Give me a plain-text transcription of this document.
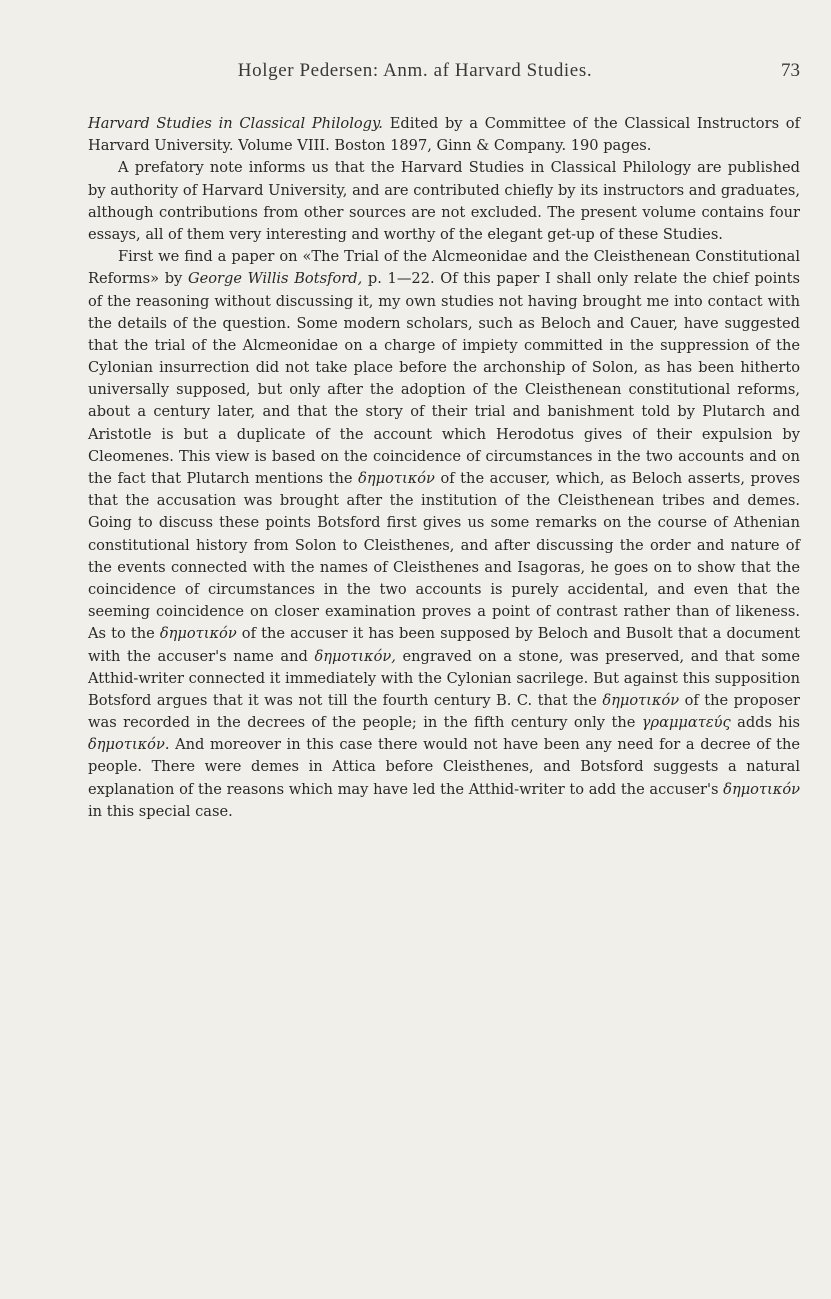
Holger Pedersen: Anm. af Harvard Studies.	73

Harvard Studies in Classical Philology. Edited by a Committee of the Classical Instructors of Harvard University. Volume VIII. Boston 1897, Ginn & Company. 190 pages.

A prefatory note informs us that the Harvard Studies in Classical Philology are published by authority of Harvard University, and are contributed chiefly by its instructors and graduates, although contributions from other sources are not excluded. The present volume contains four essays, all of them very interesting and worthy of the elegant get-up of these Studies.

First we find a paper on «The Trial of the Alcmeonidae and the Cleisthenean Constitutional Reforms» by George Willis Botsford, p. 1—22. Of this paper I shall only relate the chief points of the reasoning without discussing it, my own studies not having brought me into contact with the details of the question. Some modern scholars, such as Beloch and Cauer, have suggested that the trial of the Alcmeonidae on a charge of impiety committed in the suppression of the Cylonian insurrection did not take place before the archonship of Solon, as has been hitherto universally supposed, but only after the adoption of the Cleisthenean constitutional reforms, about a century later, and that the story of their trial and banishment told by Plutarch and Aristotle is but a duplicate of the account which Herodotus gives of their expulsion by Cleomenes. This view is based on the coincidence of circumstances in the two accounts and on the fact that Plutarch mentions the δημοτικόν of the accuser, which, as Beloch asserts, proves that the accusation was brought after the institution of the Cleisthenean tribes and demes. Going to discuss these points Botsford first gives us some remarks on the course of Athenian constitutional history from Solon to Cleisthenes, and after discussing the order and nature of the events connected with the names of Cleisthenes and Isagoras, he goes on to show that the coincidence of circumstances in the two accounts is purely accidental, and even that the seeming coincidence on closer examination proves a point of contrast rather than of likeness. As to the δημοτικόν of the accuser it has been supposed by Beloch and Busolt that a document with the accuser's name and δημοτικόν, engraved on a stone, was preserved, and that some Atthid-writer connected it immediately with the Cylonian sacrilege. But against this supposition Botsford argues that it was not till the fourth century B. C. that the δημοτικόν of the proposer was recorded in the decrees of the people; in the fifth century only the γραμματεύς adds his δημοτικόν. And moreover in this case there would not have been any need for a decree of the people. There were demes in Attica before Cleisthenes, and Botsford suggests a natural explanation of the reasons which may have led the Atthid-writer to add the accuser's δημοτικόν in this special case.
